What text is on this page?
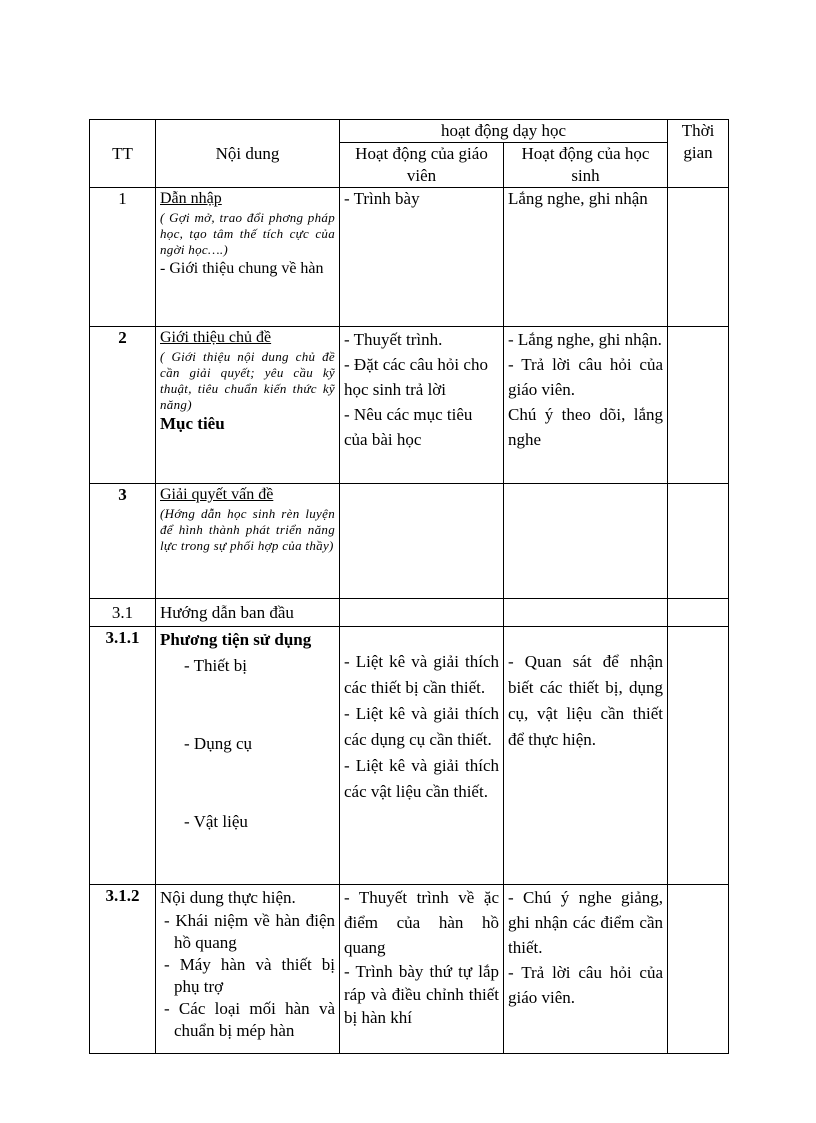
TT	Nội dung	hoạt động dạy học		Thời gian
		Hoạt động của giáo viên	Hoạt động của học sinh	
1	Dẫn nhập
( Gợi mở, trao đổi phơng pháp học, tạo tâm thế tích cực của ngời học….)
- Giới thiệu chung về hàn	- Trình bày	Lắng nghe, ghi nhận	

2	Giới thiệu chủ đề
( Giới thiệu nội dung chủ đề cần giải quyết; yêu cầu kỹ thuật, tiêu chuẩn kiến thức kỹ năng)
Mục tiêu	- Thuyết trình.
- Đặt các câu hỏi cho học sinh trả lời
- Nêu các mục tiêu của bài học	- Lắng nghe, ghi nhận.
- Trả lời câu hỏi của giáo viên.
Chú ý theo dõi, lắng nghe	

3	Giải quyết vấn đề
(Hớng dẫn học sinh rèn luyện để hình thành phát triển năng lực trong sự phối hợp của thầy)			

3.1	Hướng dẫn ban đầu			

3.1.1	Phương tiện sử dụng
- Thiết bị
- Dụng cụ
- Vật liệu	- Liệt kê và giải thích các thiết bị cần thiết.
- Liệt kê và giải thích các dụng cụ cần thiết.
- Liệt kê và giải thích các vật liệu cần thiết.	- Quan sát để nhận biết các thiết bị, dụng cụ, vật liệu cần thiết để thực hiện.	

3.1.2	Nội dung thực hiện.
- Khái niệm về hàn điện hồ quang
- Máy hàn và thiết bị phụ trợ
- Các loại mối hàn và chuẩn bị mép hàn	- Thuyết trình về ặc điểm của hàn hồ quang
- Trình bày thứ tự lắp ráp và điều chỉnh thiết bị hàn khí	- Chú ý nghe giảng, ghi nhận các điểm cần thiết.
- Trả lời câu hỏi của giáo viên.	
